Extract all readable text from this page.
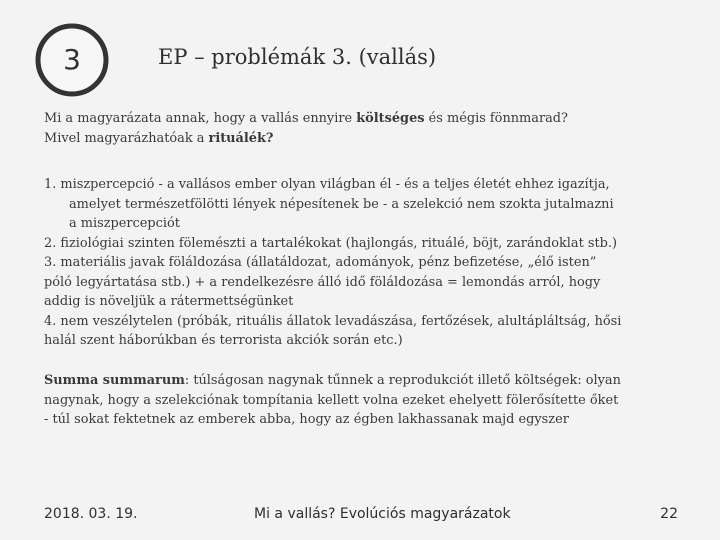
3	EP – problémák 3. (vallás)
Mi a magyarázata annak, hogy a vallás ennyire költséges és mégis fönnmarad?
Mivel magyarázhatóak a rituálék?
1. miszpercepció - a vallásos ember olyan világban él - és a teljes életét ehhez igazítja,
amelyet természetfölötti lények népesítenek be - a szelekció nem szokta jutalmazni
a miszpercepciót
2. fiziológiai szinten fölemészti a tartalékokat (hajlongás, rituálé, böjt, zarándoklat stb.)
3. materiális javak föláldozása (állatáldozat, adományok, pénz befizetése, „élő isten”
póló legyártatása stb.) + a rendelkezésre álló idő föláldozása = lemondás arról, hogy
addig is növeljük a rátermettségünket
4. nem veszélytelen (próbák, rituális állatok levadászása, fertőzések, alultápláltság, hősi
halál szent háborúkban és terrorista akciók során etc.)
Summa summarum: túlságosan nagynak tűnnek a reprodukciót illető költségek: olyan
nagynak, hogy a szelekciónak tompítania kellett volna ezeket ehelyett fölerősítette őket
- túl sokat fektetnek az emberek abba, hogy az égben lakhassanak majd egyszer
2018. 03. 19.	Mi a vallás? Evolúciós magyarázatok	22
